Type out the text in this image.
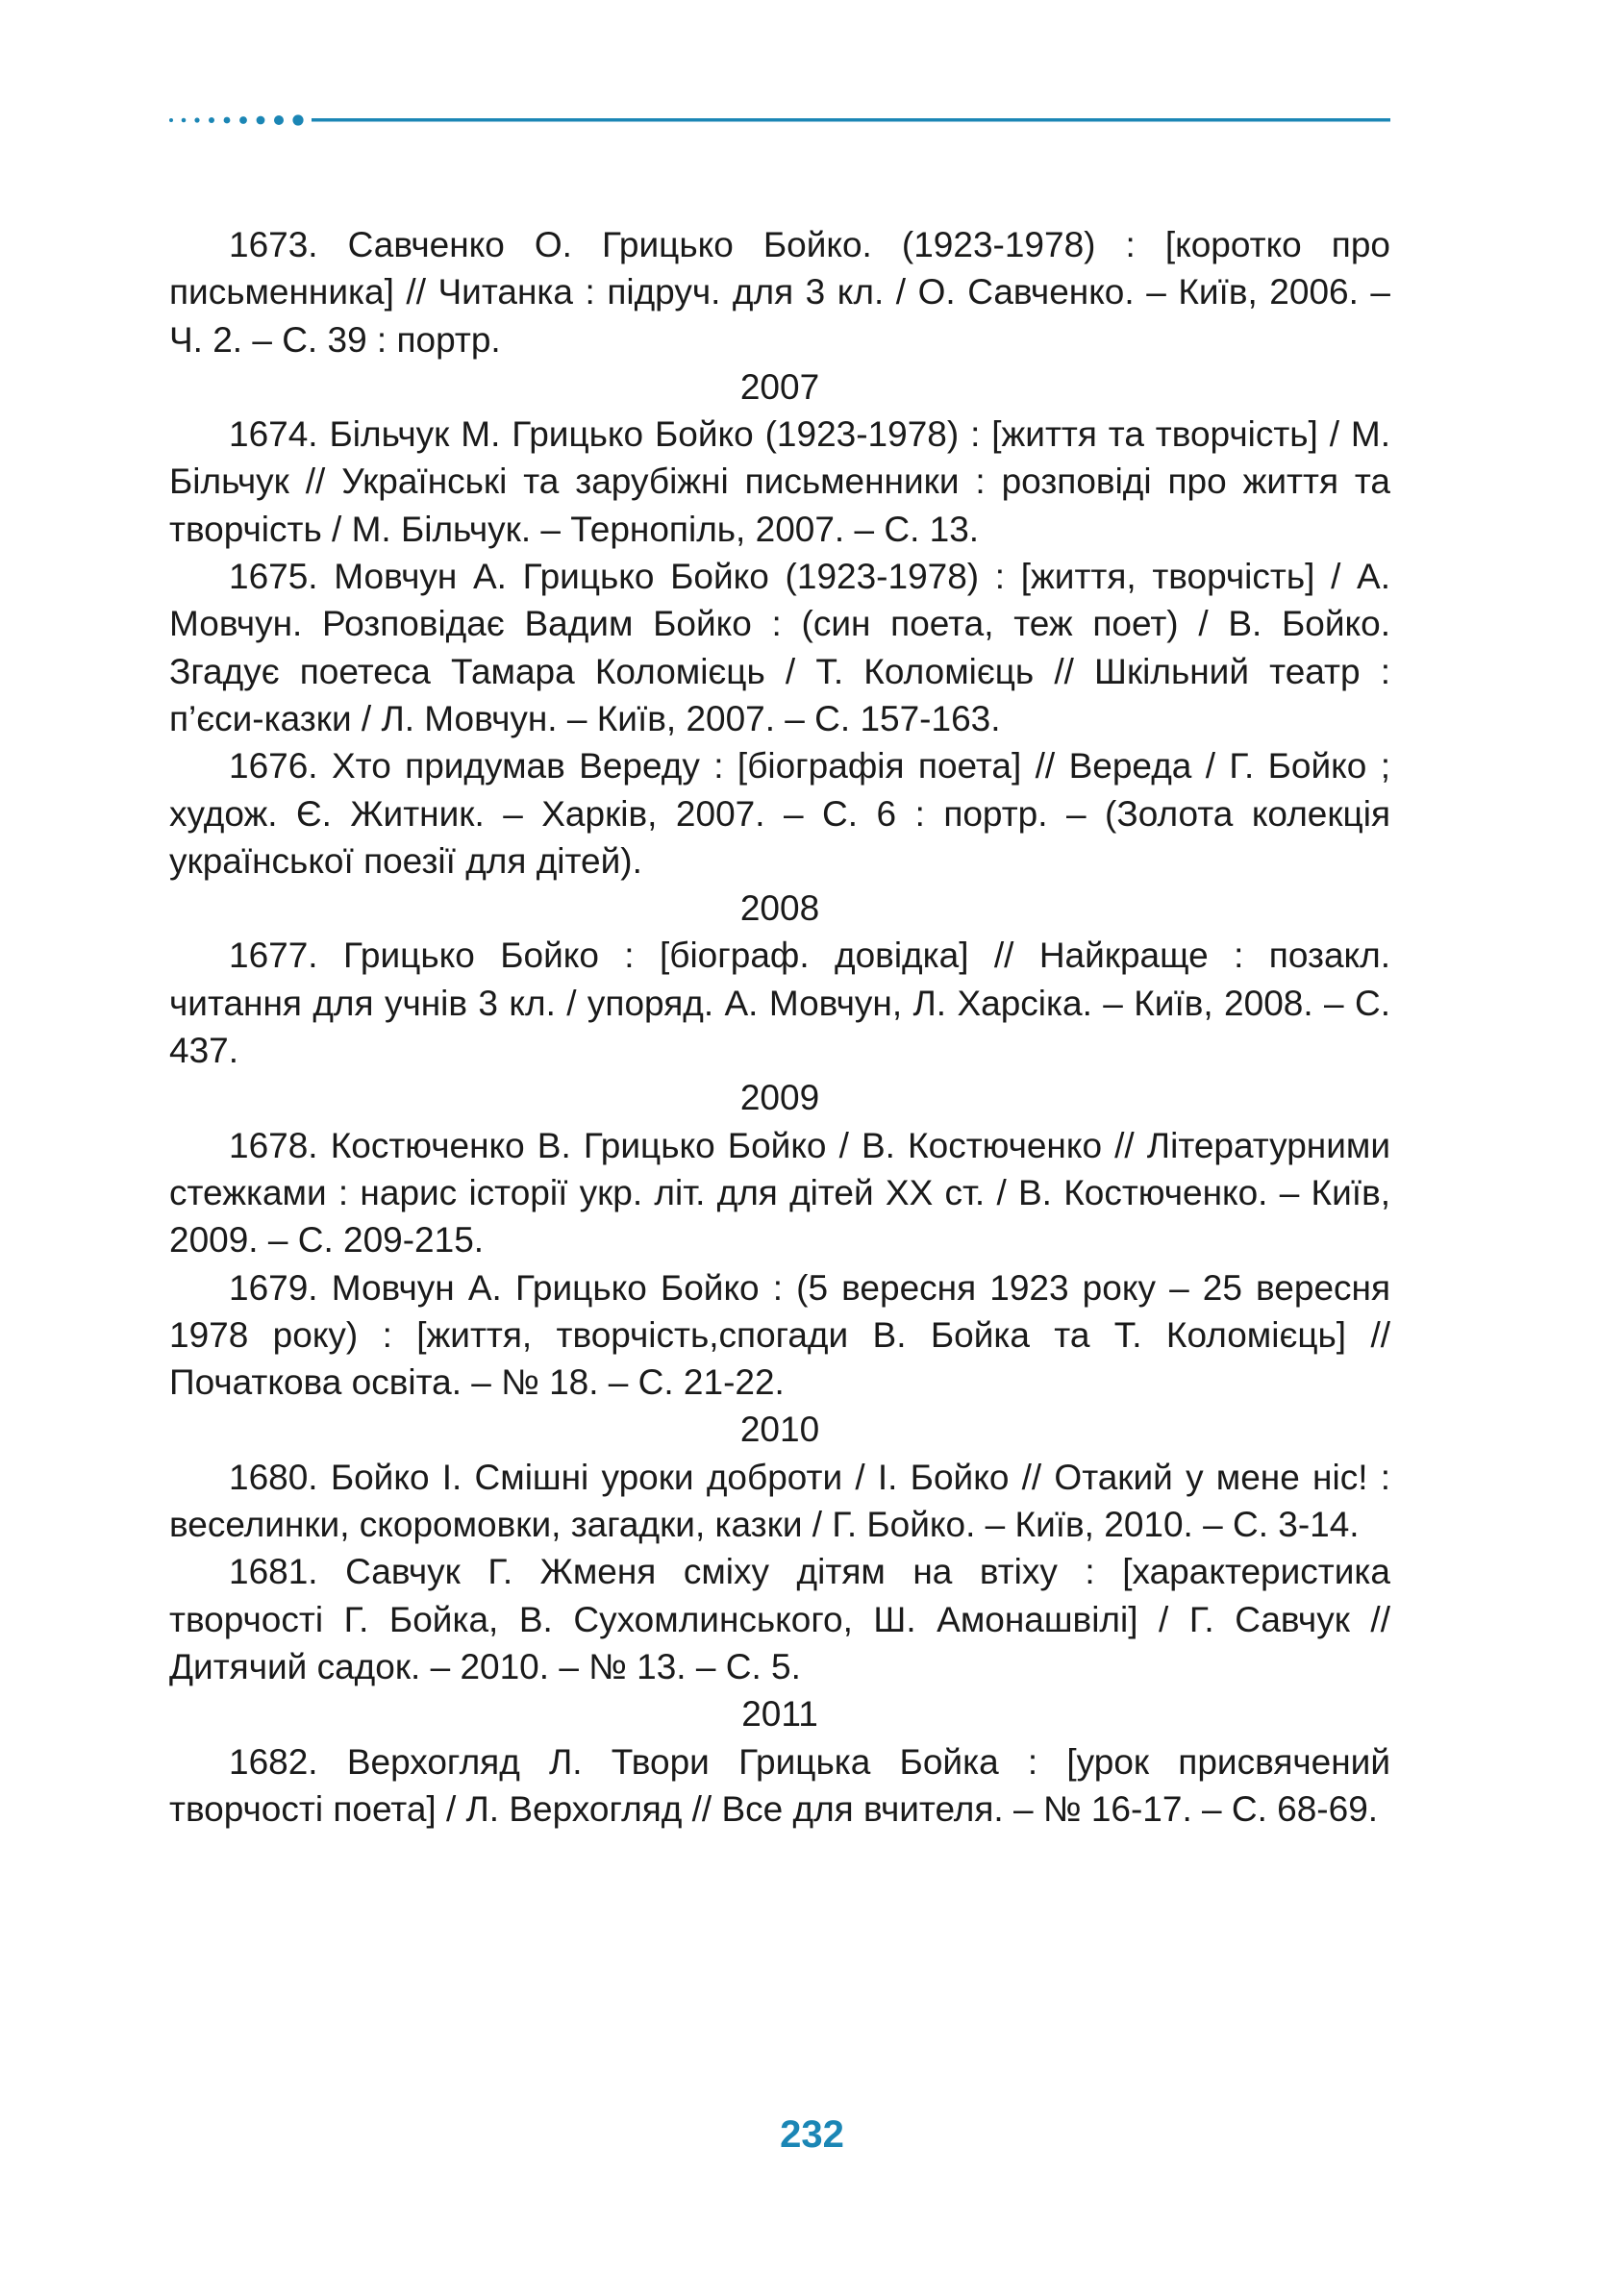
1673. Савченко О. Грицько Бойко. (1923-1978) : [коротко про письменника] // Читанка : підруч. для 3 кл. / О. Савченко. – Київ, 2006. – Ч. 2. – С. 39 : портр.

2007

1674. Більчук М. Грицько Бойко (1923-1978) : [життя та творчість] / М. Більчук // Українські та зарубіжні письменники : розповіді про життя та творчість / М. Більчук. – Тернопіль, 2007. – С. 13.

1675. Мовчун А. Грицько Бойко (1923-1978) : [життя, творчість] / А. Мовчун. Розповідає Вадим Бойко : (син поета, теж поет) / В. Бойко. Згадує поетеса Тамара Коломієць / Т. Коломієць // Шкільний театр : п’єси-казки / Л. Мовчун. – Київ, 2007. – С. 157-163.

1676. Хто придумав Вереду : [біографія поета] // Вереда / Г. Бойко ; худож. Є. Житник. – Харків, 2007. – С. 6 : портр. – (Золота колекція української поезії для дітей).

2008

1677. Грицько Бойко : [біограф. довідка] // Найкраще : позакл. читання для учнів 3 кл. / упоряд. А. Мовчун, Л. Харсіка. – Київ, 2008. – С. 437.

2009

1678. Костюченко В. Грицько Бойко / В. Костюченко // Літературними стежками : нарис історії укр. літ. для дітей XX ст. / В. Костюченко. – Київ, 2009. – С. 209-215.

1679. Мовчун А. Грицько Бойко : (5 вересня 1923 року – 25 вересня 1978 року) : [життя, творчість,спогади В. Бойка та Т. Коломієць] // Початкова освіта. – № 18. – С. 21-22.

2010

1680. Бойко І. Смішні уроки доброти / І. Бойко // Отакий у мене ніс! : веселинки, скоромовки, загадки, казки / Г. Бойко. – Київ, 2010. – С. 3-14.

1681. Савчук Г. Жменя сміху дітям на втіху : [характеристика творчості Г. Бойка, В. Сухомлинського, Ш. Амонашвілі] / Г. Савчук // Дитячий садок. – 2010. – № 13. – С. 5.

2011

1682. Верхогляд Л. Твори Грицька Бойка : [урок присвячений творчості поета] / Л. Верхогляд // Все для вчителя. – № 16-17. – С. 68-69.

232
